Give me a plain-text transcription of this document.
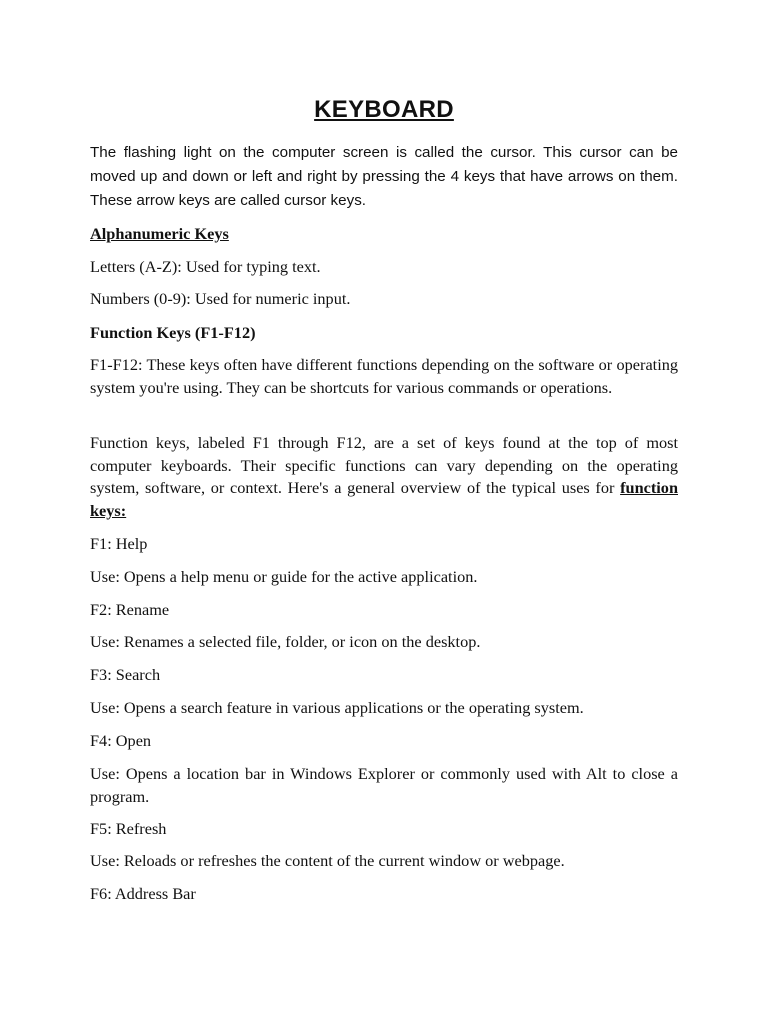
KEYBOARD

The flashing light on the computer screen is called the cursor. This cursor can be moved up and down or left and right by pressing the 4 keys that have arrows on them. These arrow keys are called cursor keys.

Alphanumeric Keys

Letters (A-Z): Used for typing text.

Numbers (0-9): Used for numeric input.

Function Keys (F1-F12)

F1-F12: These keys often have different functions depending on the software or operating system you're using. They can be shortcuts for various commands or operations.

Function keys, labeled F1 through F12, are a set of keys found at the top of most computer keyboards. Their specific functions can vary depending on the operating system, software, or context. Here's a general overview of the typical uses for function keys:

F1: Help

Use: Opens a help menu or guide for the active application.

F2: Rename

Use: Renames a selected file, folder, or icon on the desktop.

F3: Search

Use: Opens a search feature in various applications or the operating system.

F4: Open

Use: Opens a location bar in Windows Explorer or commonly used with Alt to close a program.

F5: Refresh

Use: Reloads or refreshes the content of the current window or webpage.

F6: Address Bar
